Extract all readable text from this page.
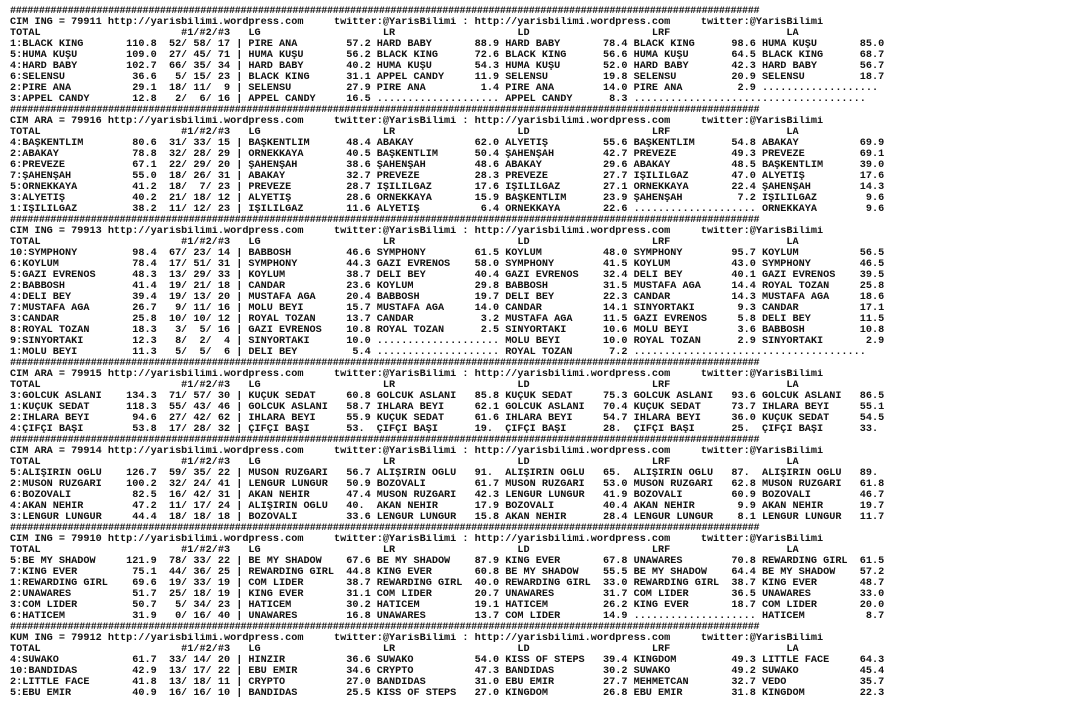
##################################################################################################################################
CIM ING = 79911 http://yarisbilimi.wordpress.com     twitter:@YarisBilimi : http://yarisbilimi.wordpress.com     twitter:@YarisBilimi
TOTAL                       #1/#2/#3   LG                    LR                    LD                    LRF                   LA
1:BLACK KING       110.8  52/ 58/ 17 | PİRE ANA        57.2 HARD BABY       88.9 HARD BABY       78.4 BLACK KING      98.6 HUMA KUŞU       85.0
5:HUMA KUŞU        109.0  27/ 45/ 71 | HUMA KUŞU       56.2 BLACK KING      72.6 BLACK KING      56.6 HUMA KUŞU       64.5 BLACK KING      68.7
4:HARD BABY        102.7  66/ 35/ 34 | HARD BABY       40.2 HUMA KUŞU       54.3 HUMA KUŞU       52.0 HARD BABY       42.3 HARD BABY       56.7
6:SELENSU           36.6   5/ 15/ 23 | BLACK KING      31.1 APPEL CANDY     11.9 SELENSU         19.8 SELENSU         20.9 SELENSU         18.7
2:PİRE ANA          29.1  18/ 11/  9 | SELENSU         27.9 PİRE ANA         1.4 PİRE ANA        14.0 PİRE ANA         2.9 ...................
3:APPEL CANDY       12.8   2/  6/ 16 | APPEL CANDY     16.5 .................... APPEL CANDY      8.3 ......................................
##################################################################################################################################
CIM ARA = 79916 http://yarisbilimi.wordpress.com     twitter:@YarisBilimi : http://yarisbilimi.wordpress.com     twitter:@YarisBilimi
TOTAL                       #1/#2/#3   LG                    LR                    LD                    LRF                   LA
4:BAŞKENTLİM        80.6  31/ 33/ 15 | BAŞKENTLİM      48.4 ABAKAY          62.0 ALYETİŞ         55.6 BAŞKENTLİM      54.8 ABAKAY          69.9
2:ABAKAY            78.8  32/ 28/ 29 | ÖRNEKKAYA       40.5 BAŞKENTLİM      50.4 ŞAHENŞAH        42.7 PREVEZE         49.3 PREVEZE         69.1
6:PREVEZE           67.1  22/ 29/ 20 | ŞAHENŞAH        38.6 ŞAHENŞAH        48.6 ABAKAY          29.6 ABAKAY          48.5 BAŞKENTLİM      39.0
7:ŞAHENŞAH          55.0  18/ 26/ 31 | ABAKAY          32.7 PREVEZE         28.3 PREVEZE         27.7 IŞILILGAZ       47.0 ALYETİŞ         17.6
5:ÖRNEKKAYA         41.2  18/  7/ 23 | PREVEZE         28.7 IŞILILGAZ       17.6 IŞILILGAZ       27.1 ÖRNEKKAYA       22.4 ŞAHENŞAH        14.3
3:ALYETİŞ           40.2  21/ 18/ 12 | ALYETİŞ         28.6 ÖRNEKKAYA       15.9 BAŞKENTLİM      23.9 ŞAHENŞAH         7.2 IŞILILGAZ        9.6
1:IŞILILGAZ         38.2  11/ 12/ 23 | IŞILILGAZ       11.6 ALYETİŞ          6.4 ÖRNEKKAYA       22.6 .................... ÖRNEKKAYA        9.6
##################################################################################################################################
CIM ING = 79913 http://yarisbilimi.wordpress.com     twitter:@YarisBilimi : http://yarisbilimi.wordpress.com     twitter:@YarisBilimi
TOTAL                       #1/#2/#3   LG                    LR                    LD                    LRF                   LA
10:SYMPHONY         98.4  67/ 23/ 14 | BABBOSH         46.6 SYMPHONY        61.5 KÖYLÜM          48.0 SYMPHONY        95.7 KÖYLÜM          56.5
6:KÖYLÜM            78.4  17/ 51/ 31 | SYMPHONY        44.3 GAZİ EVRENOS    58.0 SYMPHONY        41.5 KÖYLÜM          43.0 SYMPHONY        46.5
5:GAZİ EVRENOS      48.3  13/ 29/ 33 | KÖYLÜM          38.7 DELİ BEY        40.4 GAZİ EVRENOS    32.4 DELİ BEY        40.1 GAZİ EVRENOS    39.5
2:BABBOSH           41.4  19/ 21/ 18 | CANDAR          23.6 KÖYLÜM          29.8 BABBOSH         31.5 MUSTAFA AGA     14.4 ROYAL TOZAN     25.8
4:DELİ BEY          39.4  19/ 13/ 20 | MUSTAFA AGA     20.4 BABBOSH         19.7 DELİ BEY        22.3 CANDAR          14.3 MUSTAFA AGA     18.6
7:MUSTAFA AGA       26.7   9/ 11/ 16 | MOLU BEYİ       15.7 MUSTAFA AGA     14.0 CANDAR          14.1 SİNYORTAKİ       9.3 CANDAR          17.1
3:CANDAR            25.8  10/ 10/ 12 | ROYAL TOZAN     13.7 CANDAR           3.2 MUSTAFA AGA     11.5 GAZİ EVRENOS     5.8 DELİ BEY        11.5
8:ROYAL TOZAN       18.3   3/  5/ 16 | GAZİ EVRENOS    10.8 ROYAL TOZAN      2.5 SİNYORTAKİ      10.6 MOLU BEYİ        3.6 BABBOSH         10.8
9:SİNYORTAKİ        12.3   8/  2/  4 | SİNYORTAKİ      10.0 .................... MOLU BEYİ       10.0 ROYAL TOZAN      2.9 SİNYORTAKİ       2.9
1:MOLU BEYİ         11.3   5/  5/  6 | DELİ BEY         5.4 .................... ROYAL TOZAN      7.2 ......................................
##################################################################################################################################
CIM ARA = 79915 http://yarisbilimi.wordpress.com     twitter:@YarisBilimi : http://yarisbilimi.wordpress.com     twitter:@YarisBilimi
TOTAL                       #1/#2/#3   LG                    LR                    LD                    LRF                   LA
3:GÖLCÜK ASLANI    134.3  71/ 57/ 30 | KÜÇÜK SEDAT     60.8 GÖLCÜK ASLANI   85.8 KÜÇÜK SEDAT     75.3 GÖLCÜK ASLANI   93.6 GÖLCÜK ASLANI   86.5
1:KÜÇÜK SEDAT      118.3  55/ 43/ 46 | GÖLCÜK ASLANI   58.7 IHLARA BEYİ     62.1 GÖLCÜK ASLANI   70.4 KÜÇÜK SEDAT     73.7 IHLARA BEYİ     55.1
2:IHLARA BEYİ       94.6  27/ 42/ 62 | IHLARA BEYİ     55.9 KÜÇÜK SEDAT     61.6 IHLARA BEYİ     54.7 IHLARA BEYİ     36.0 KÜÇÜK SEDAT     54.5
4:ÇİFÇİ BAŞI        53.8  17/ 28/ 32 | ÇİFÇİ BAŞI      53.  ÇİFÇİ BAŞI      19.  ÇİFÇİ BAŞI      28.  ÇİFÇİ BAŞI      25.  ÇİFÇİ BAŞI      33.
##################################################################################################################################
CIM ARA = 79914 http://yarisbilimi.wordpress.com     twitter:@YarisBilimi : http://yarisbilimi.wordpress.com     twitter:@YarisBilimi
TOTAL                       #1/#2/#3   LG                    LR                    LD                    LRF                   LA
5:ALİŞİRİN OĞLU    126.7  59/ 35/ 22 | MUSON RÜZGARI   56.7 ALİŞİRİN OĞLU   91.  ALİŞİRİN OĞLU   65.  ALİŞİRİN OĞLU   87.  ALİŞİRİN OĞLU   89.
2:MUSON RÜZGARI    100.2  32/ 24/ 41 | LENGÜR LÜNGÜR   50.9 BOZOVALI        61.7 MUSON RÜZGARI   53.0 MUSON RÜZGARI   62.8 MUSON RÜZGARI   61.8
6:BOZOVALI          82.5  16/ 42/ 31 | AKAN NEHİR      47.4 MUSON RÜZGARI   42.3 LENGÜR LÜNGÜR   41.9 BOZOVALI        60.9 BOZOVALI        46.7
4:AKAN NEHİR        47.2  11/ 17/ 24 | ALİŞİRİN OĞLU   40.  AKAN NEHİR      17.9 BOZOVALI        40.4 AKAN NEHİR       9.9 AKAN NEHİR      19.7
3:LENGÜR LÜNGÜR     44.4  18/ 18/ 18 | BOZOVALI        33.6 LENGÜR LÜNGÜR   15.8 AKAN NEHİR      28.4 LENGÜR LÜNGÜR    8.1 LENGÜR LÜNGÜR   11.7
##################################################################################################################################
CIM ING = 79910 http://yarisbilimi.wordpress.com     twitter:@YarisBilimi : http://yarisbilimi.wordpress.com     twitter:@YarisBilimi
TOTAL                       #1/#2/#3   LG                    LR                    LD                    LRF                   LA
5:BE MY SHADOW     121.9  78/ 33/ 22 | BE MY SHADOW    67.6 BE MY SHADOW    87.9 KING EVER       67.8 UNAWARES        70.8 REWARDING GIRL  61.5
7:KING EVER         75.1  44/ 36/ 25 | REWARDING GIRL  44.8 KING EVER       60.8 BE MY SHADOW    55.5 BE MY SHADOW    64.4 BE MY SHADOW    57.2
1:REWARDING GIRL    69.6  19/ 33/ 19 | COM LIDER       38.7 REWARDING GIRL  40.0 REWARDING GIRL  33.0 REWARDING GIRL  38.7 KING EVER       48.7
2:UNAWARES          51.7  25/ 18/ 19 | KING EVER       31.1 COM LIDER       20.7 UNAWARES        31.7 COM LIDER       36.5 UNAWARES        33.0
3:COM LIDER         50.7   5/ 34/ 23 | HATİCEM         30.2 HATİCEM         19.1 HATİCEM         26.2 KING EVER       18.7 COM LIDER       20.0
6:HATİCEM           31.9   0/ 16/ 40 | UNAWARES        16.8 UNAWARES        13.7 COM LIDER       14.9 .................... HATİCEM          8.7
##################################################################################################################################
KUM ING = 79912 http://yarisbilimi.wordpress.com     twitter:@YarisBilimi : http://yarisbilimi.wordpress.com     twitter:@YarisBilimi
TOTAL                       #1/#2/#3   LG                    LR                    LD                    LRF                   LA
4:SUWAKO            61.7  33/ 14/ 20 | HINZIR          36.6 SUWAKO          54.0 KISS OF STEPS   39.4 KINGDOM         49.3 LITTLE FACE     64.3
10:BANDIDAS         42.9  13/ 17/ 22 | EBU EMİR        34.6 CRYPTO          47.3 BANDIDAS        30.2 SUWAKO          49.2 SUWAKO          45.4
2:LITTLE FACE       41.8  13/ 18/ 11 | CRYPTO          27.0 BANDIDAS        31.0 EBU EMİR        27.7 MEHMETCAN       32.7 VEDO            35.7
5:EBU EMİR          40.9  16/ 16/ 10 | BANDIDAS        25.5 KISS OF STEPS   27.0 KINGDOM         26.8 EBU EMİR        31.8 KINGDOM         22.3
